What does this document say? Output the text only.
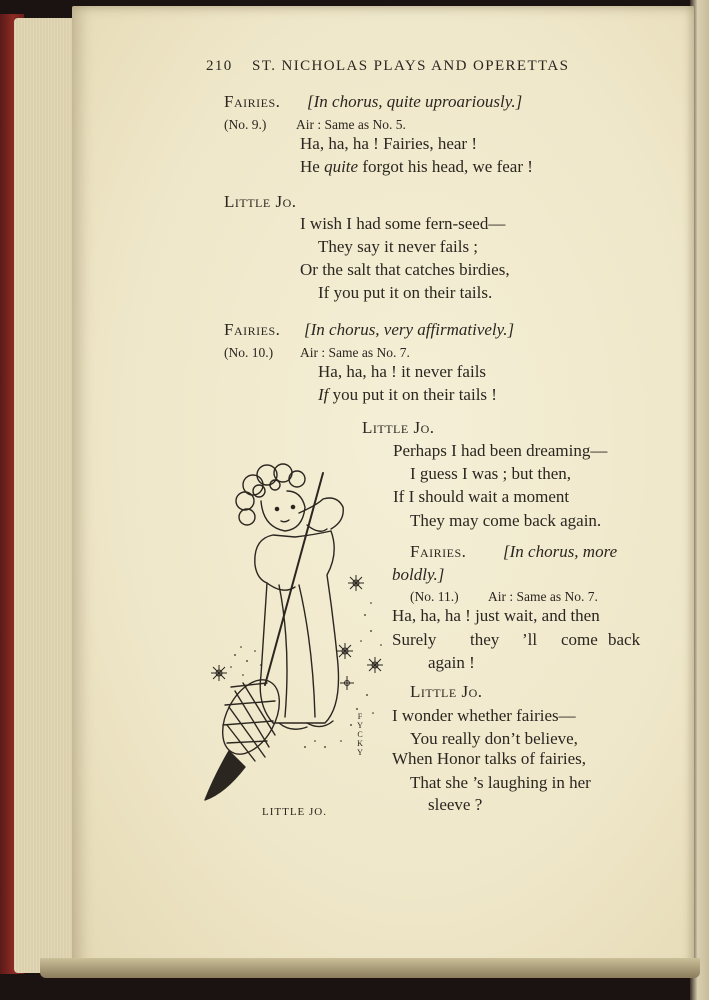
210 ST. NICHOLAS PLAYS AND OPERETTAS
Fairies. [In chorus, quite uproariously.]
(No. 9.) Air : Same as No. 5.
Ha, ha, ha ! Fairies, hear !
He quite forgot his head, we fear !
Little Jo.
I wish I had some fern-seed—
They say it never fails ;
Or the salt that catches birdies,
If you put it on their tails.
Fairies. [In chorus, very affirmatively.]
(No. 10.) Air : Same as No. 7.
Ha, ha, ha ! it never fails
If you put it on their tails !
Little Jo.
Perhaps I had been dreaming—
I guess I was ; but then,
If I should wait a moment
They may come back again.
Fairies. [In chorus, more
boldly.]
(No. 11.) Air : Same as No. 7.
Ha, ha, ha ! just wait, and then
Surely they ’ll come back
again !
Little Jo.
I wonder whether fairies—
You really don’t believe,
When Honor talks of fairies,
That she ’s laughing in her
sleeve ?
FYCKY
LITTLE JO.
